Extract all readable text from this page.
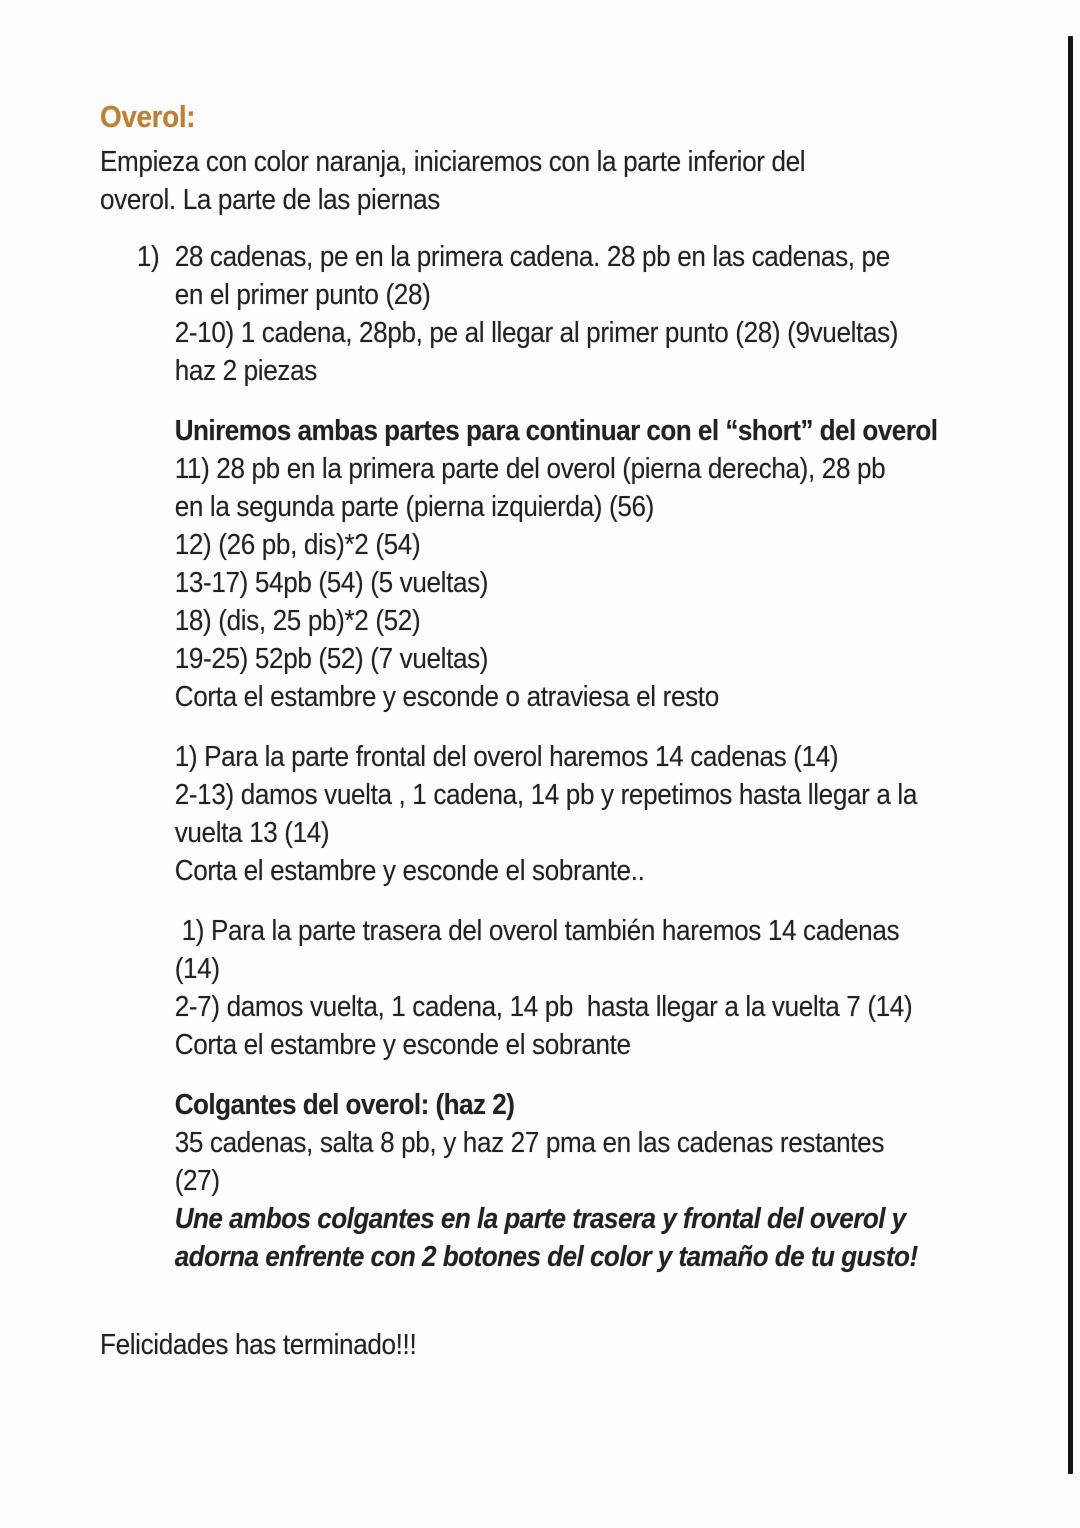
Overol:
Empieza con color naranja, iniciaremos con la parte inferior del
overol. La parte de las piernas
1) 28 cadenas, pe en la primera cadena. 28 pb en las cadenas, pe
en el primer punto (28)
2-10) 1 cadena, 28pb, pe al llegar al primer punto (28) (9vueltas)
haz 2 piezas
Uniremos ambas partes para continuar con el “short” del overol
11) 28 pb en la primera parte del overol (pierna derecha), 28 pb
en la segunda parte (pierna izquierda) (56)
12) (26 pb, dis)*2 (54)
13-17) 54pb (54) (5 vueltas)
18) (dis, 25 pb)*2 (52)
19-25) 52pb (52) (7 vueltas)
Corta el estambre y esconde o atraviesa el resto
1) Para la parte frontal del overol haremos 14 cadenas (14)
2-13) damos vuelta , 1 cadena, 14 pb y repetimos hasta llegar a la
vuelta 13 (14)
Corta el estambre y esconde el sobrante..
1) Para la parte trasera del overol también haremos 14 cadenas
(14)
2-7) damos vuelta, 1 cadena, 14 pb  hasta llegar a la vuelta 7 (14)
Corta el estambre y esconde el sobrante
Colgantes del overol: (haz 2)
35 cadenas, salta 8 pb, y haz 27 pma en las cadenas restantes
(27)
Une ambos colgantes en la parte trasera y frontal del overol y
adorna enfrente con 2 botones del color y tamaño de tu gusto!
Felicidades has terminado!!!
